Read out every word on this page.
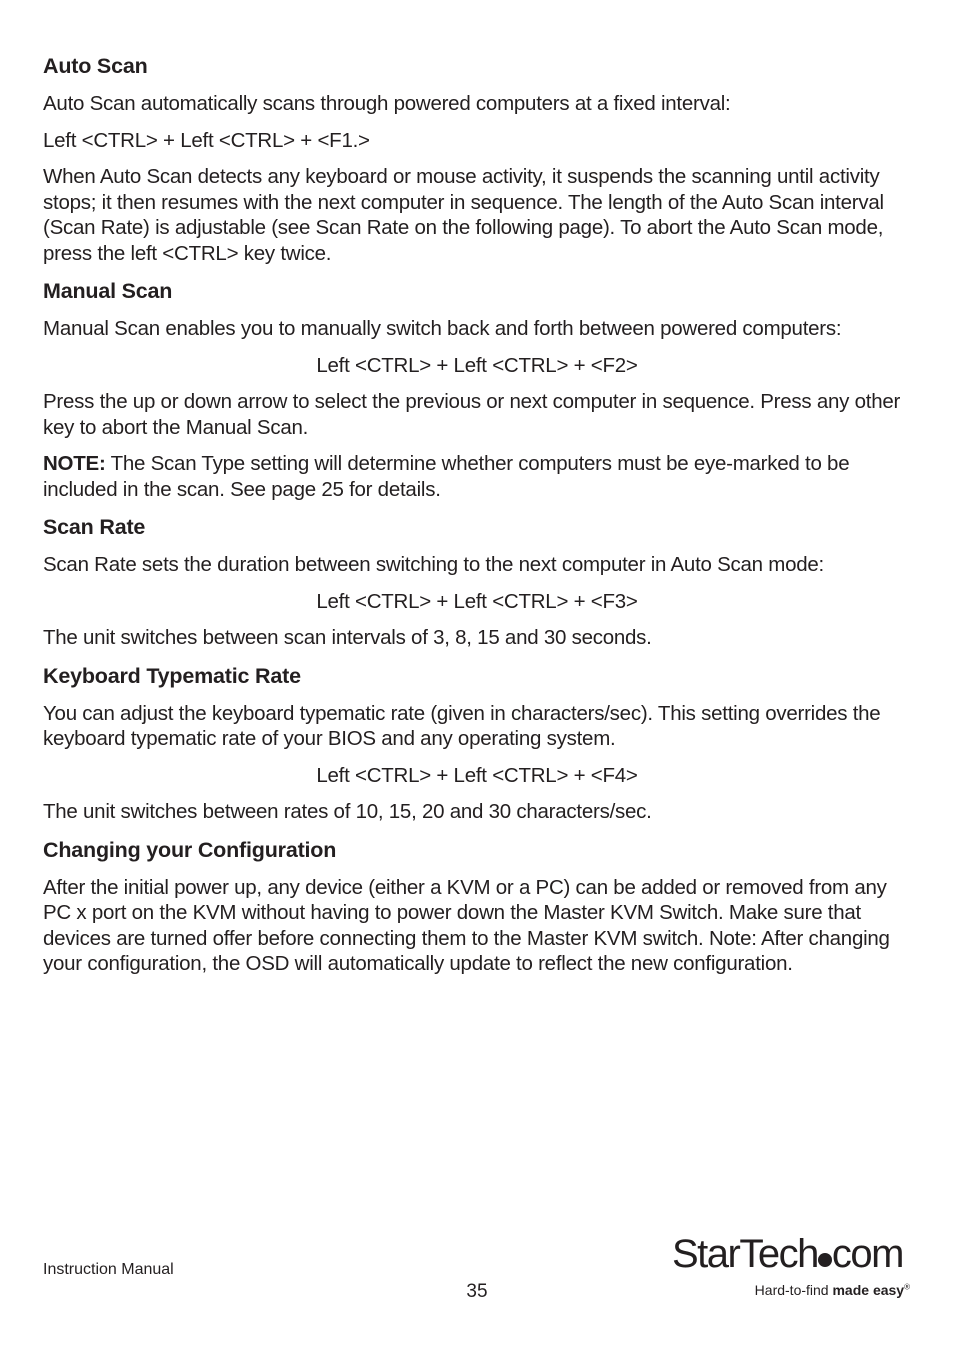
Auto Scan

Auto Scan automatically scans through powered computers at a fixed interval:

Left <CTRL> + Left <CTRL> + <F1.>

When Auto Scan detects any keyboard or mouse activity, it suspends the scanning until activity stops; it then resumes with the next computer in sequence. The length of the Auto Scan interval (Scan Rate) is adjustable (see Scan Rate on the following page). To abort the Auto Scan mode, press the left <CTRL> key twice.

Manual Scan

Manual Scan enables you to manually switch back and forth between powered computers:

Left <CTRL> + Left <CTRL> + <F2>

Press the up or down arrow to select the previous or next computer in sequence. Press any other key to abort the Manual Scan.

NOTE: The Scan Type setting will determine whether computers must be eye-marked to be included in the scan. See page 25 for details.

Scan Rate

Scan Rate sets the duration between switching to the next computer in Auto Scan mode:

Left <CTRL> + Left <CTRL> + <F3>

The unit switches between scan intervals of 3, 8, 15 and 30 seconds.

Keyboard Typematic Rate

You can adjust the keyboard typematic rate (given in characters/sec). This setting overrides the keyboard typematic rate of your BIOS and any operating system.

Left <CTRL> + Left <CTRL> + <F4>

The unit switches between rates of 10, 15, 20 and 30 characters/sec.

Changing your Configuration

After the initial power up, any device (either a KVM or a PC) can be added or removed from any PC x port on the KVM without having to power down the Master KVM Switch. Make sure that devices are turned offer before connecting them to the Master KVM switch. Note: After changing your configuration, the OSD will automatically update to reflect the new configuration.

Instruction Manual
35
StarTech com
Hard-to-find made easy®
